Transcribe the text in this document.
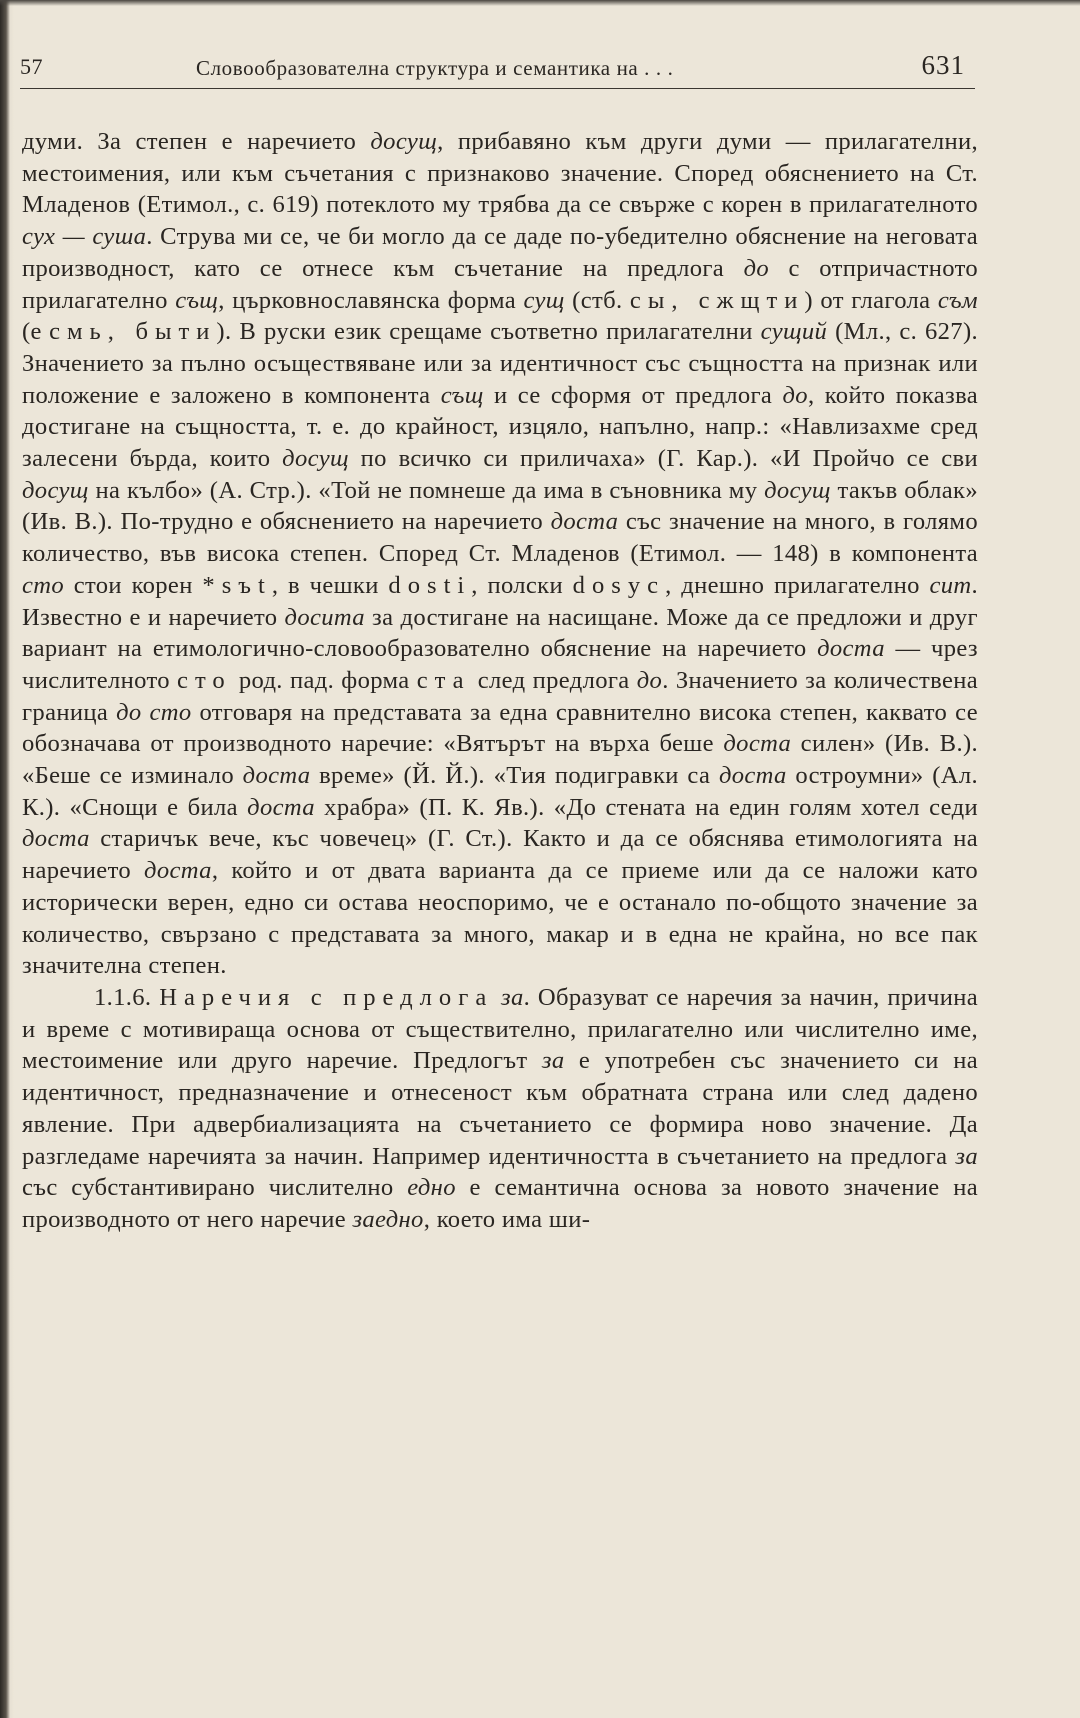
57	Словообразователна структура и семантика на . . .	631

думи. За степен е наречието досущ, прибавяно към други думи — прилагателни, местоимения, или към съчетания с признаково значение. Според обяснението на Ст. Младенов (Етимол., с. 619) потеклото му трябва да се свърже с корен в прилагателното сух — суша. Струва ми се, че би могло да се даде по-убедително обяснение на неговата производност, като се отнесе към съчетание на предлога до с отпричастното прилагателно същ, църковнославянска форма сущ (стб. сы, сжщти) от глагола съм (есмь, быти). В руски език срещаме съответно прилагателни сущий (Мл., с. 627). Значението за пълно осъществяване или за идентичност със същността на признак или положение е заложено в компонента същ и се сформя от предлога до, който показва достигане на същността, т. е. до крайност, изцяло, напълно, напр.: «Навлизахме сред залесени бърда, които досущ по всичко си приличаха» (Г. Кар.). «И Пройчо се сви досущ на кълбо» (А. Стр.). «Той не помнеше да има в съновника му досущ такъв облак» (Ив. В.). По-трудно е обяснението на наречието доста със значение на много, в голямо количество, във висока степен. Според Ст. Младенов (Етимол. — 148) в компонента сто стои корен *sъt, в чешки dosti, полски dosyc, днешно прилагателно сит. Известно е и наречието досита за достигане на насищане. Може да се предложи и друг вариант на етимологично-словообразователно обяснение на наречието доста — чрез числителното сто род. пад. форма ста след предлога до. Значението за количествена граница до сто отговаря на представата за една сравнително висока степен, каквато се обозначава от производното наречие: «Вятърът на върха беше доста силен» (Ив. В.). «Беше се изминало доста време» (Й. Й.). «Тия подигравки са доста остроумни» (Ал. К.). «Снощи е била доста храбра» (П. К. Яв.). «До стената на един голям хотел седи доста старичък вече, къс човечец» (Г. Ст.). Както и да се обяснява етимологията на наречието доста, който и от двата варианта да се приеме или да се наложи като исторически верен, едно си остава неоспоримо, че е останало по-общото значение за количество, свързано с представата за много, макар и в една не крайна, но все пак значителна степен.

1.1.6. Наречия с предлога за. Образуват се наречия за начин, причина и време с мотивираща основа от съществително, прилагателно или числително име, местоимение или друго наречие. Предлогът за е употребен със значението си на идентичност, предназначение и отнесеност към обратната страна или след дадено явление. При адвербиализацията на съчетанието се формира ново значение. Да разгледаме наречията за начин. Например идентичността в съчетанието на предлога за със субстантивирано числително едно е семантична основа за новото значение на производното от него наречие заедно, което има ши-
